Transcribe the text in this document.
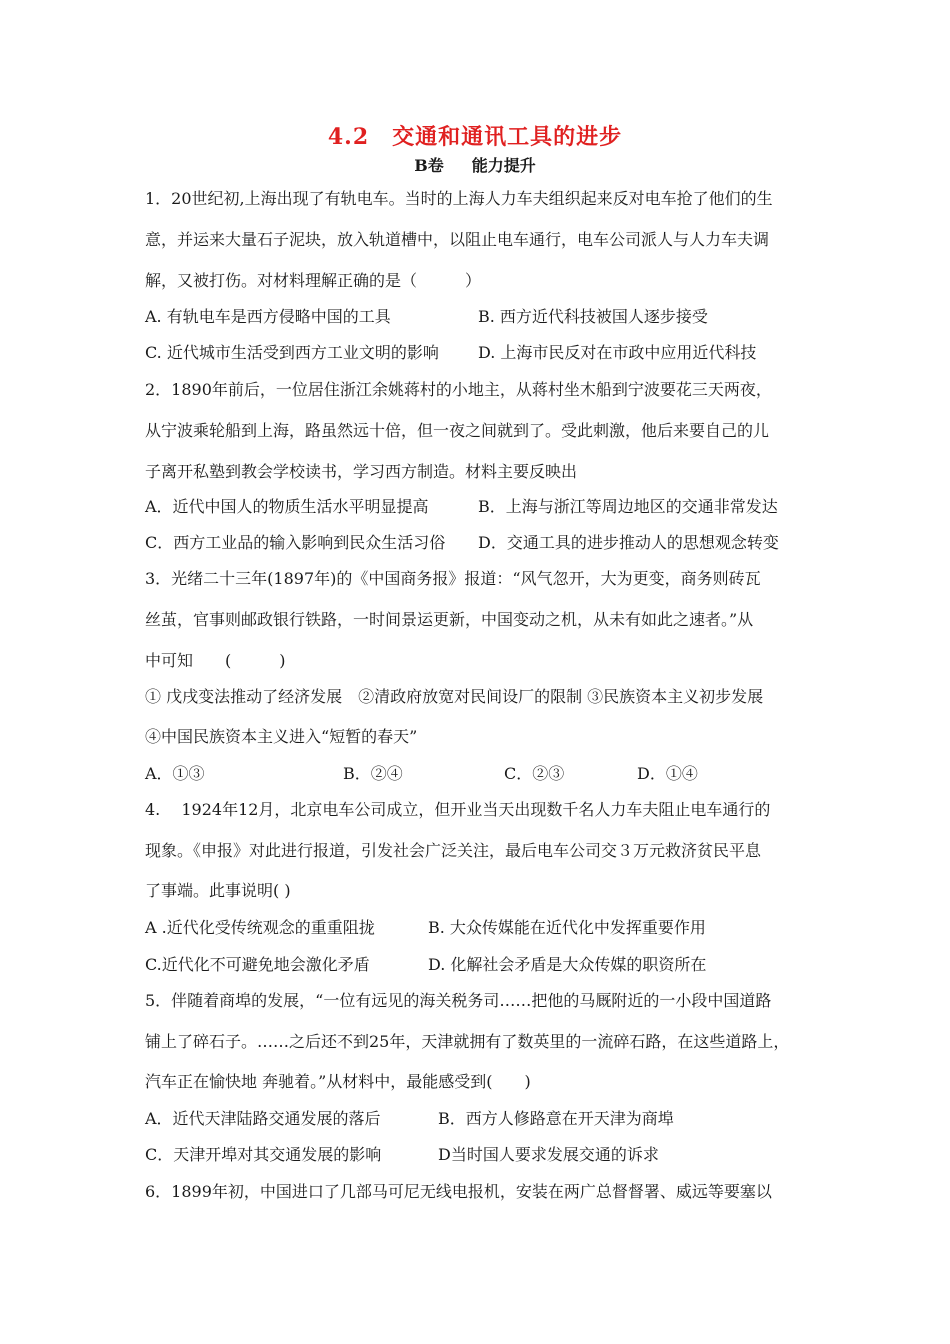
4.2　交通和通讯工具的进步
B卷 能力提升
1．20世纪初,上海出现了有轨电车。当时的上海人力车夫组织起来反对电车抢了他们的生
意，并运来大量石子泥块，放入轨道槽中，以阻止电车通行，电车公司派人与人力车夫调
解，又被打伤。对材料理解正确的是（　　　）
A. 有轨电车是西方侵略中国的工具	B. 西方近代科技被国人逐步接受
C. 近代城市生活受到西方工业文明的影响 D. 上海市民反对在市政中应用近代科技
2．1890年前后，一位居住浙江余姚蒋村的小地主，从蒋村坐木船到宁波要花三天两夜，
从宁波乘轮船到上海，路虽然远十倍，但一夜之间就到了。受此刺激，他后来要自己的儿
子离开私塾到教会学校读书，学习西方制造。材料主要反映出
A．近代中国人的物质生活水平明显提高	B．上海与浙江等周边地区的交通非常发达
C．西方工业品的输入影响到民众生活习俗 D．交通工具的进步推动人的思想观念转变
3．光绪二十三年(1897年)的《中国商务报》报道：“风气忽开，大为更变，商务则砖瓦
丝茧，官事则邮政银行铁路，一时间景运更新，中国变动之机，从未有如此之速者。”从
中可知　　(　　　)
① 戊戌变法推动了经济发展　②清政府放宽对民间设厂的限制 ③民族资本主义初步发展
④中国民族资本主义进入“短暂的春天”
A．①③	B．②④	C．②③	D．①④
4.　 1924年12月，北京电车公司成立，但开业当天出现数千名人力车夫阻止电车通行的
现象。《申报》对此进行报道，引发社会广泛关注，最后电车公司交３万元救济贫民平息
了事端。此事说明( )
A .近代化受传统观念的重重阻拢	B. 大众传媒能在近代化中发挥重要作用
C.近代化不可避免地会激化矛盾	D. 化解社会矛盾是大众传媒的职资所在
5．伴随着商埠的发展，“一位有远见的海关税务司……把他的马厩附近的一小段中国道路
铺上了碎石子。……之后还不到25年，天津就拥有了数英里的一流碎石路，在这些道路上，
汽车正在愉快地 奔驰着。”从材料中，最能感受到(　　)
A．近代天津陆路交通发展的落后	B．西方人修路意在开天津为商埠
C．天津开埠对其交通发展的影响	D当时国人要求发展交通的诉求
6．1899年初，中国进口了几部马可尼无线电报机，安装在两广总督督署、威远等要塞以
